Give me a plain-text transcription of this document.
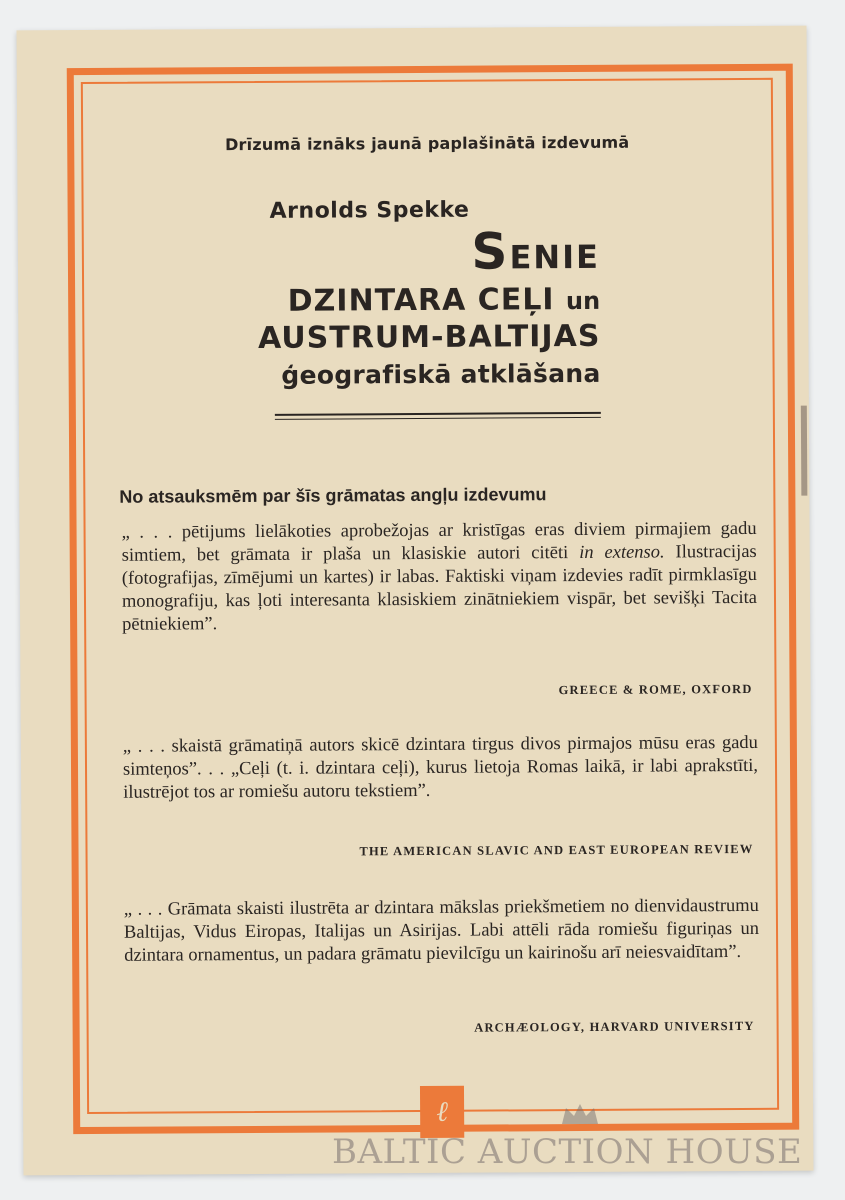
Drīzumā iznāks jaunā paplašinātā izdevumā
Arnolds Spekke
SENIE
DZINTARA CEĻI un
AUSTRUM-BALTIJAS
ģeografiskā atklāšana
No atsauksmēm par šīs grāmatas angļu izdevumu
„ . . . pētijums lielākoties aprobežojas ar kristīgas eras diviem pirmajiem gadu simtiem, bet grāmata ir plaša un klasiskie autori citēti in extenso. Ilustracijas (fotografijas, zīmējumi un kartes) ir labas. Faktiski viņam izdevies radīt pirmklasīgu monografiju, kas ļoti interesanta klasiskiem zinātniekiem vispār, bet sevišķi Tacita pētniekiem”.
GREECE & ROME, OXFORD
„ . . . skaistā grāmatiņā autors skicē dzintara tirgus divos pirmajos mūsu eras gadu simteņos”. . . „Ceļi (t. i. dzintara ceļi), kurus lietoja Romas laikā, ir labi aprakstīti, ilustrējot tos ar romiešu autoru tekstiem”.
THE AMERICAN SLAVIC AND EAST EUROPEAN REVIEW
„ . . . Grāmata skaisti ilustrēta ar dzintara mākslas priekšmetiem no dienvidaustrumu Baltijas, Vidus Eiropas, Italijas un Asirijas. Labi attēli rāda romiešu figuriņas un dzintara ornamentus, un padara grāmatu pievilcīgu un kairinošu arī neiesvaidītam”.
ARCHÆOLOGY, HARVARD UNIVERSITY
ℓ
BALTIC AUCTION HOUSE
